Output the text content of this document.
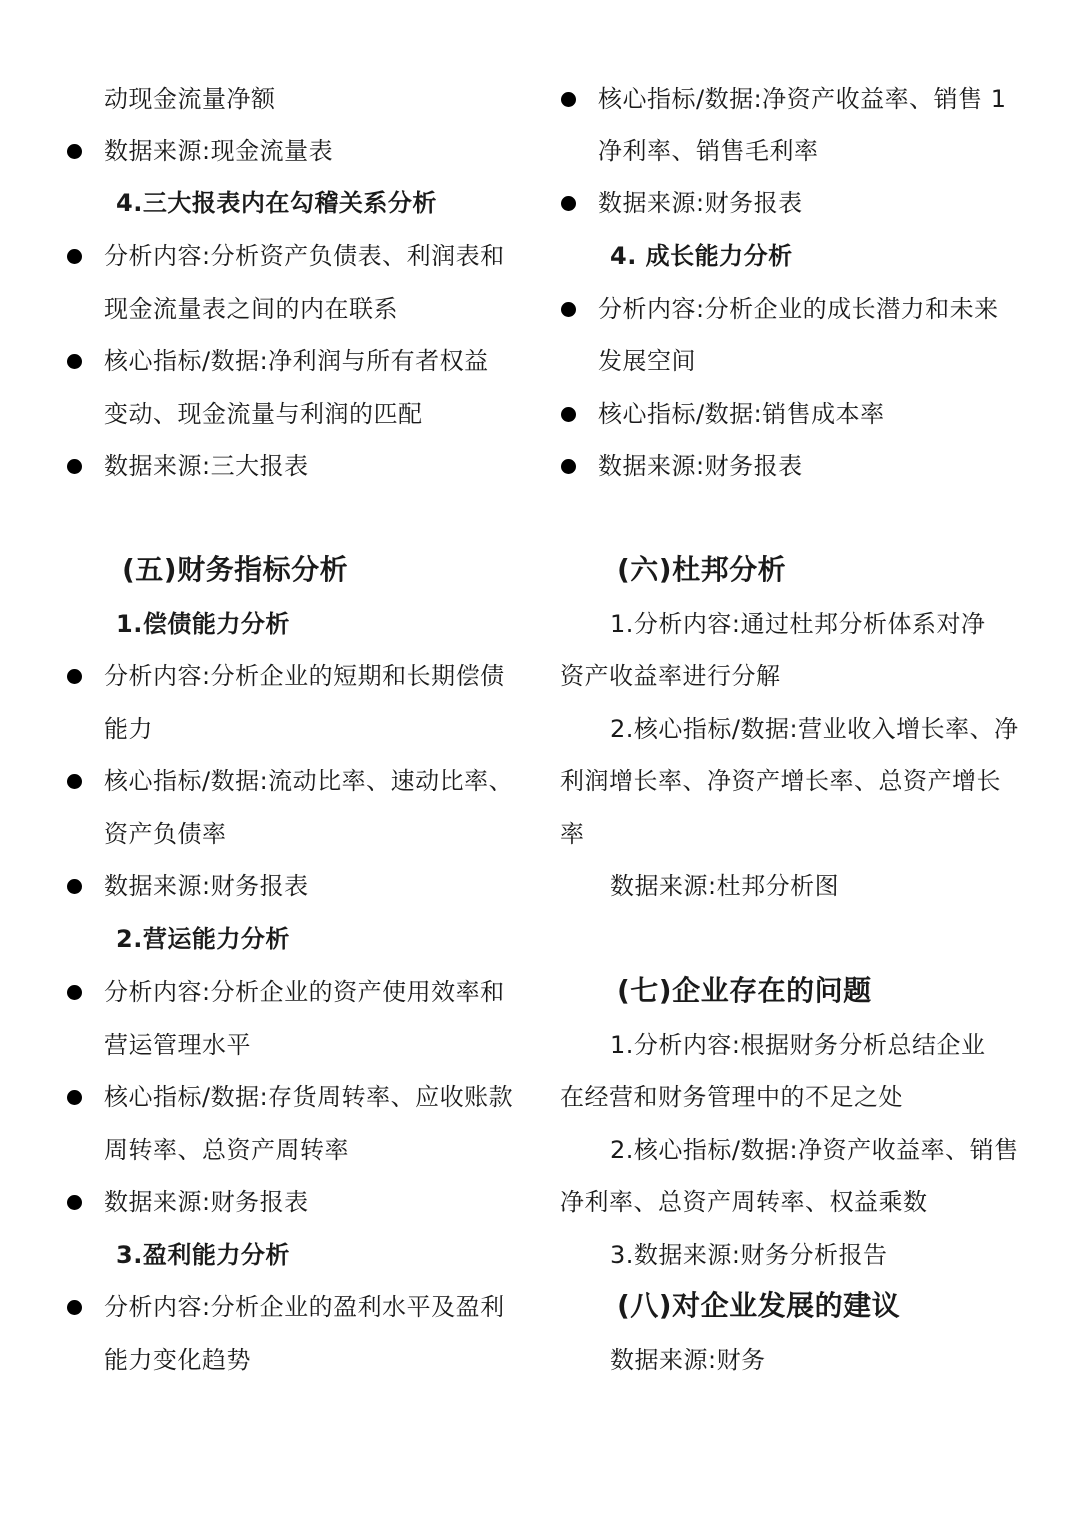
动现金流量净额
数据来源:现金流量表
4.三大报表内在勾稽关系分析
分析内容:分析资产负债表、利润表和
现金流量表之间的内在联系
核心指标/数据:净利润与所有者权益
变动、现金流量与利润的匹配
数据来源:三大报表
(五)财务指标分析
1.偿债能力分析
分析内容:分析企业的短期和长期偿债
能力
核心指标/数据:流动比率、速动比率、
资产负债率
数据来源:财务报表
2.营运能力分析
分析内容:分析企业的资产使用效率和
营运管理水平
核心指标/数据:存货周转率、应收账款
周转率、总资产周转率
数据来源:财务报表
3.盈利能力分析
分析内容:分析企业的盈利水平及盈利
能力变化趋势
核心指标/数据:净资产收益率、销售 1
净利率、销售毛利率
数据来源:财务报表
4. 成长能力分析
分析内容:分析企业的成长潜力和未来
发展空间
核心指标/数据:销售成本率
数据来源:财务报表
(六)杜邦分析
1.分析内容:通过杜邦分析体系对净
资产收益率进行分解
2.核心指标/数据:营业收入增长率、净
利润增长率、净资产增长率、总资产增长
率
数据来源:杜邦分析图
(七)企业存在的问题
1.分析内容:根据财务分析总结企业
在经营和财务管理中的不足之处
2.核心指标/数据:净资产收益率、销售
净利率、总资产周转率、权益乘数
3.数据来源:财务分析报告
(八)对企业发展的建议
数据来源:财务
